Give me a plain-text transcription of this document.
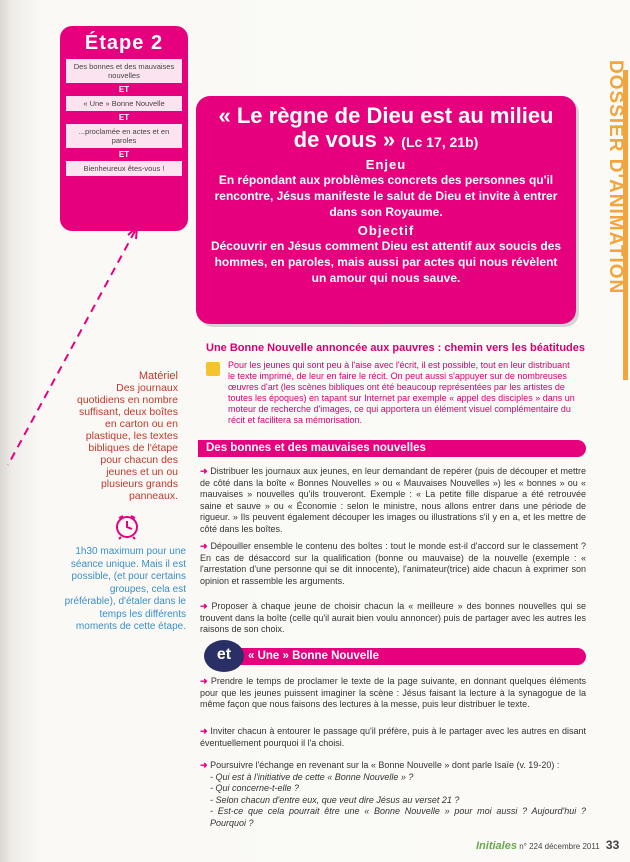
DOSSIER D'ANIMATION
Étape 2
Des bonnes et des mauvaises nouvelles
ET
« Une » Bonne Nouvelle
ET
...proclamée en actes et en paroles
ET
Bienheureux êtes-vous !
« Le règne de Dieu est au milieu de vous » (Lc 17, 21b)
Enjeu
En répondant aux problèmes concrets des personnes qu'il rencontre, Jésus manifeste le salut de Dieu et invite à entrer dans son Royaume.
Objectif
Découvrir en Jésus comment Dieu est attentif aux soucis des hommes, en paroles, mais aussi par actes qui nous révèlent un amour qui nous sauve.
Matériel
Des journaux quotidiens en nombre suffisant, deux boîtes en carton ou en plastique, les textes bibliques de l'étape pour chacun des jeunes et un ou plusieurs grands panneaux.
1h30 maximum pour une séance unique. Mais il est possible, (et pour certains groupes, cela est préférable), d'étaler dans le temps les différents moments de cette étape.
Une Bonne Nouvelle annoncée aux pauvres : chemin vers les béatitudes
Pour les jeunes qui sont peu à l'aise avec l'écrit, il est possible, tout en leur distribuant le texte imprimé, de leur en faire le récit. On peut aussi s'appuyer sur de nombreuses œuvres d'art (les scènes bibliques ont été beaucoup représentées par les artistes de toutes les époques) en tapant sur Internet par exemple « appel des disciples » dans un moteur de recherche d'images, ce qui apportera un élément visuel complémentaire du récit et facilitera sa mémorisation.
Des bonnes et des mauvaises nouvelles
➜ Distribuer les journaux aux jeunes, en leur demandant de repérer (puis de découper et mettre de côté dans la boîte « Bonnes Nouvelles » ou « Mauvaises Nouvelles ») les « bonnes » ou « mauvaises » nouvelles qu'ils trouveront. Exemple : « La petite fille disparue a été retrouvée saine et sauve » ou « Économie : selon le ministre, nous allons entrer dans une période de rigueur. » Ils peuvent également découper les images ou illustrations s'il y en a, et les mettre de côté dans les boîtes.
➜ Dépouiller ensemble le contenu des boîtes : tout le monde est-il d'accord sur le classement ? En cas de désaccord sur la qualification (bonne ou mauvaise) de la nouvelle (exemple : « l'arrestation d'une personne qui se dit innocente), l'animateur(trice) aide chacun à exprimer son opinion et rassemble les arguments.
➜ Proposer à chaque jeune de choisir chacun la « meilleure » des bonnes nouvelles qui se trouvent dans la boîte (celle qu'il aurait bien voulu annoncer) puis de partager avec les autres les raisons de son choix.
« Une » Bonne Nouvelle
et
➜ Prendre le temps de proclamer le texte de la page suivante, en donnant quelques éléments pour que les jeunes puissent imaginer la scène : Jésus faisant la lecture à la synagogue de la même façon que nous faisons des lectures à la messe, puis leur distribuer le texte.
➜ Inviter chacun à entourer le passage qu'il préfère, puis à le partager avec les autres en disant éventuellement pourquoi il l'a choisi.
➜ Poursuivre l'échange en revenant sur la « Bonne Nouvelle » dont parle Isaïe (v. 19-20) :
- Qui est à l'initiative de cette « Bonne Nouvelle » ?
- Qui concerne-t-elle ?
- Selon chacun d'entre eux, que veut dire Jésus au verset 21 ?
- Est-ce que cela pourrait être une « Bonne Nouvelle » pour moi aussi ? Aujourd'hui ? Pourquoi ?
Initiales n° 224 décembre 2011 33
